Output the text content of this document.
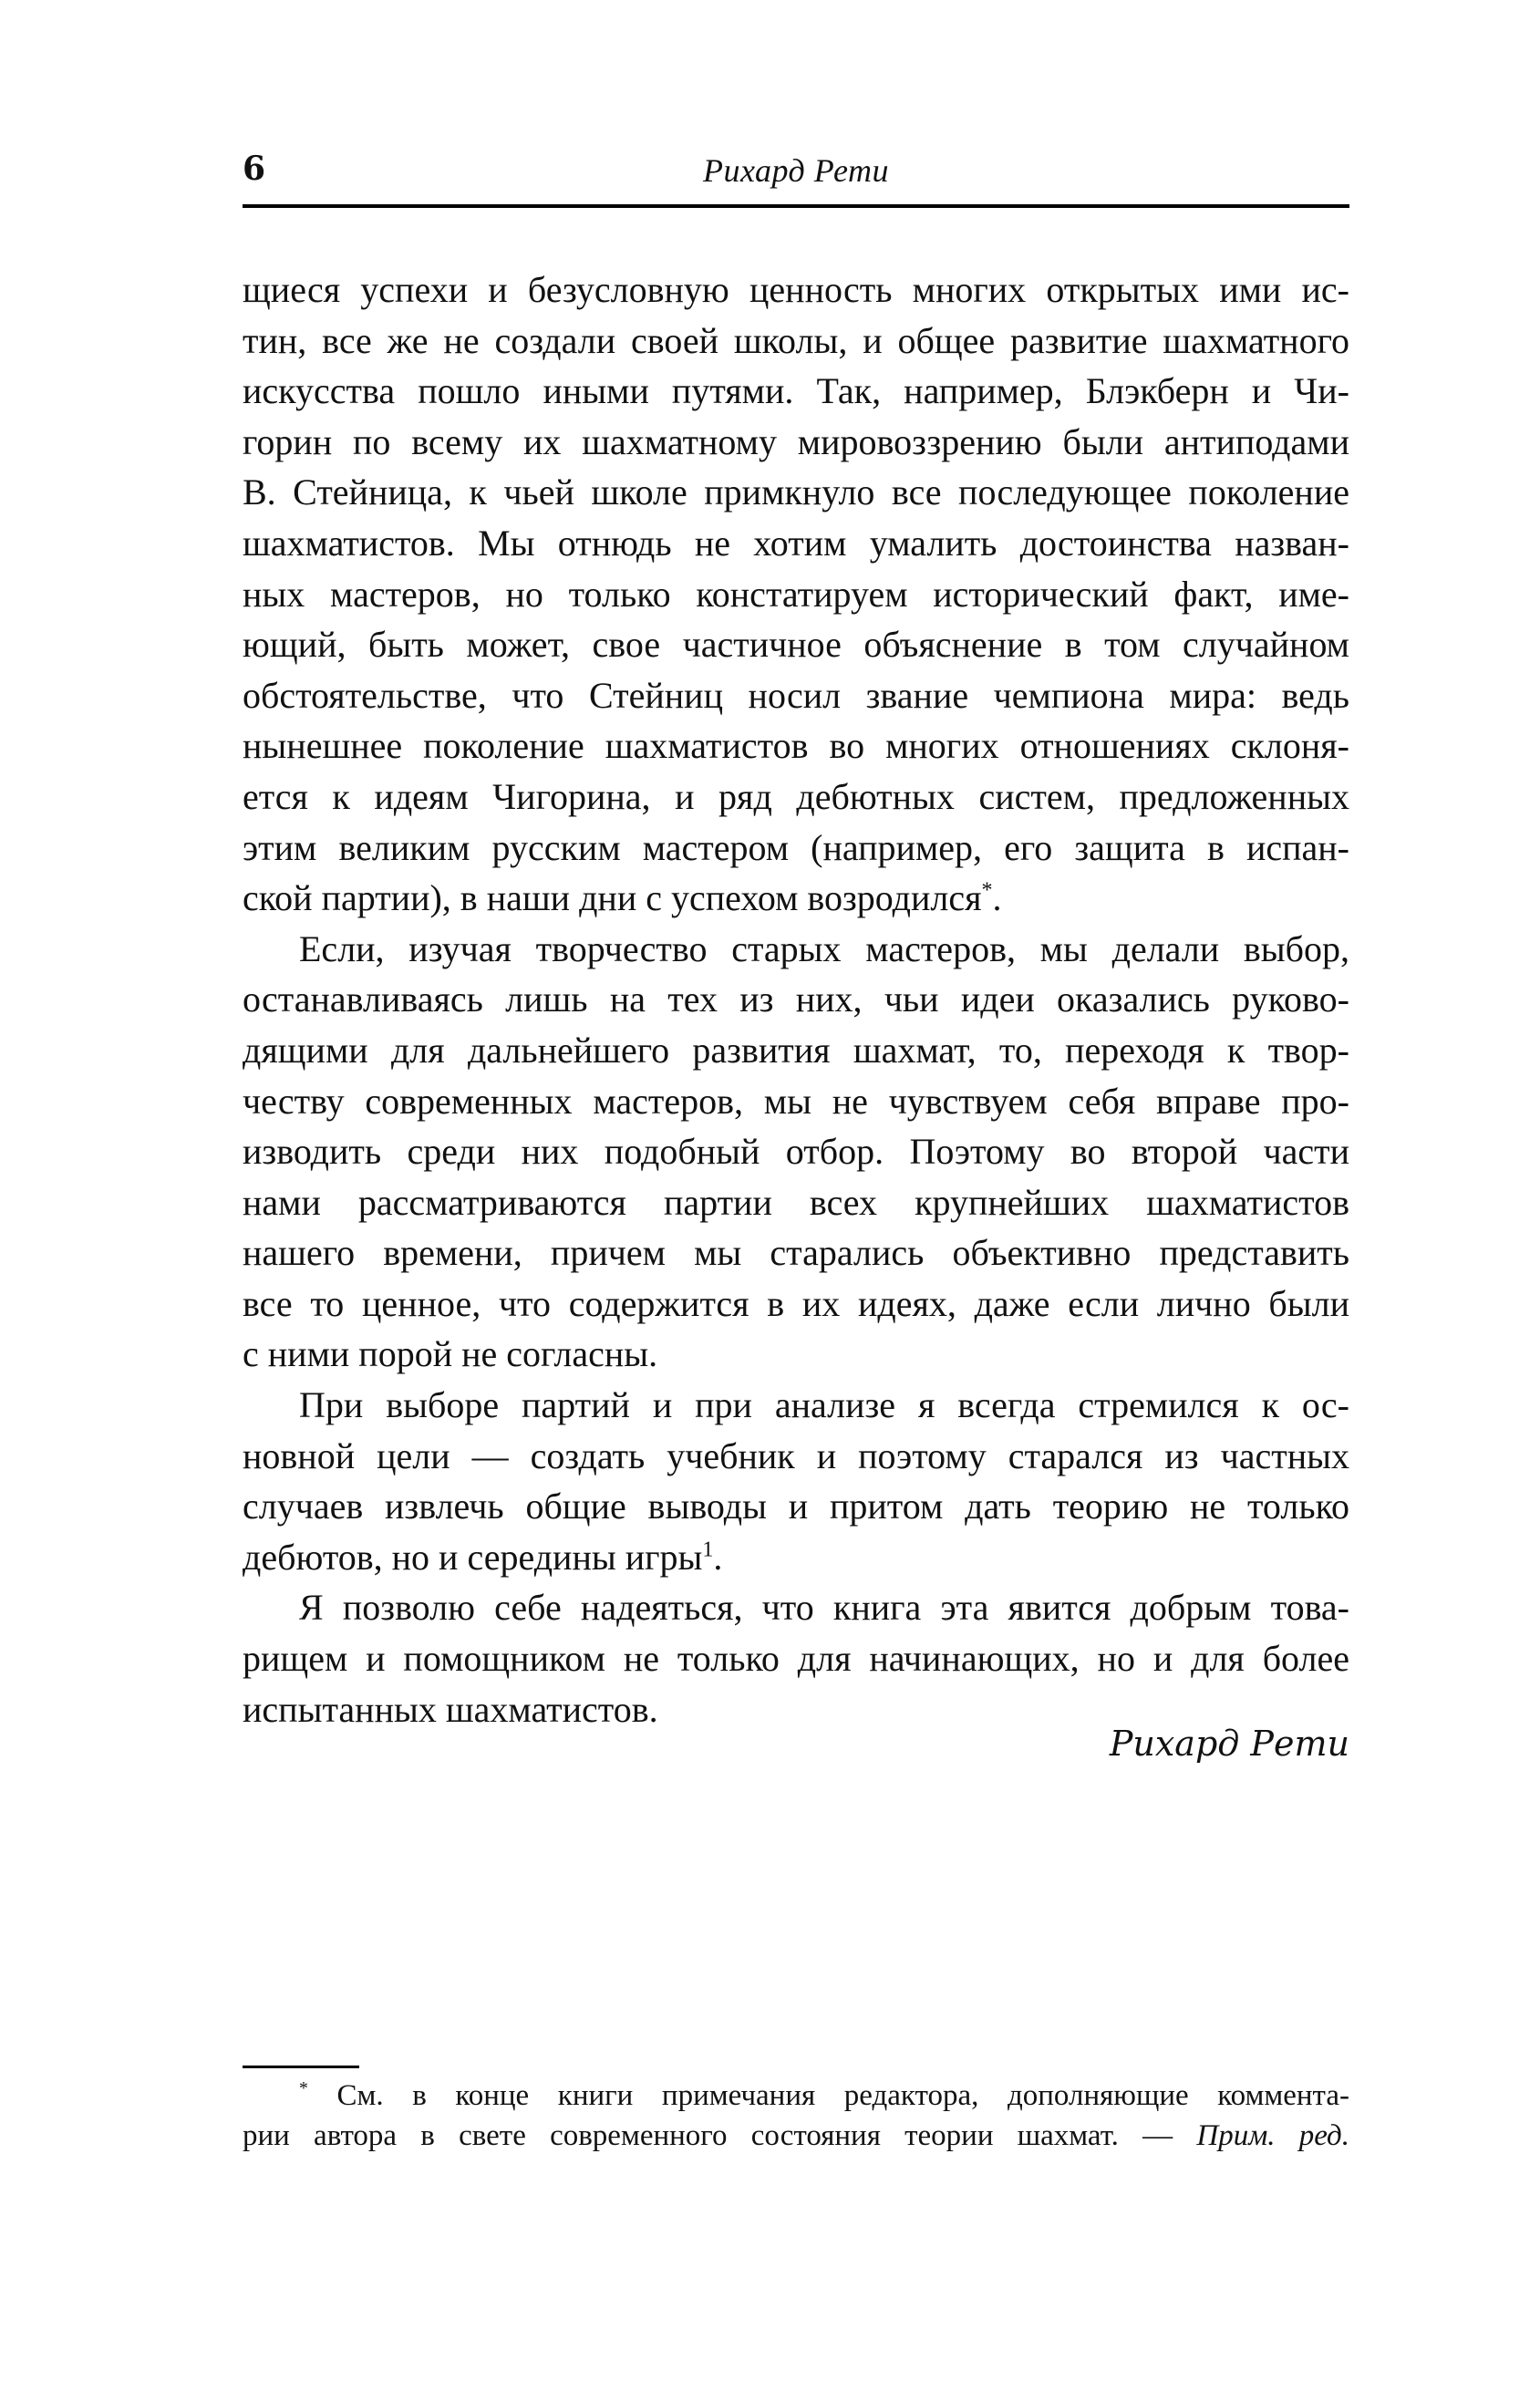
6	Рихард Рети
щиеся успехи и безусловную ценность многих открытых ими ис-
тин, все же не создали своей школы, и общее развитие шахматного
искусства пошло иными путями. Так, например, Блэкберн и Чи-
горин по всему их шахматному мировоззрению были антиподами
В. Стейница, к чьей школе примкнуло все последующее поколение
шахматистов. Мы отнюдь не хотим умалить достоинства назван-
ных мастеров, но только констатируем исторический факт, име-
ющий, быть может, свое частичное объяснение в том случайном
обстоятельстве, что Стейниц носил звание чемпиона мира: ведь
нынешнее поколение шахматистов во многих отношениях склоня-
ется к идеям Чигорина, и ряд дебютных систем, предложенных
этим великим русским мастером (например, его защита в испан-
ской партии), в наши дни с успехом возродился*.
Если, изучая творчество старых мастеров, мы делали выбор,
останавливаясь лишь на тех из них, чьи идеи оказались руково-
дящими для дальнейшего развития шахмат, то, переходя к твор-
честву современных мастеров, мы не чувствуем себя вправе про-
изводить среди них подобный отбор. Поэтому во второй части
нами рассматриваются партии всех крупнейших шахматистов
нашего времени, причем мы старались объективно представить
все то ценное, что содержится в их идеях, даже если лично были
с ними порой не согласны.
При выборе партий и при анализе я всегда стремился к ос-
новной цели — создать учебник и поэтому старался из частных
случаев извлечь общие выводы и притом дать теорию не только
дебютов, но и середины игры$^1$.
Я позволю себе надеяться, что книга эта явится добрым това-
рищем и помощником не только для начинающих, но и для более
испытанных шахматистов.
Рихард Рети
* См. в конце книги примечания редактора, дополняющие коммента-
рии автора в свете современного состояния теории шахмат. — Прим. ред.
